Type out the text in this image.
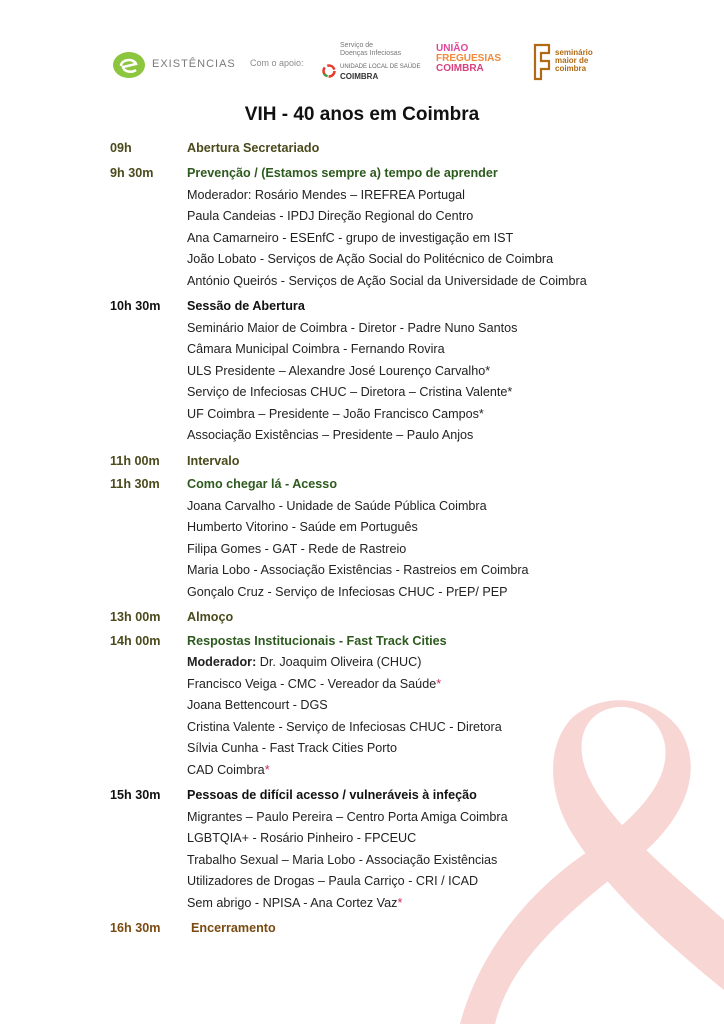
EXISTÊNCIAS Com o apoio:
Serviço de
Doenças Infeciosas
UNIDADE LOCAL DE SAÚDE
COIMBRA
UNIÃO
FREGUESIAS
COIMBRA
seminário
maior de
coimbra
VIH - 40 anos em Coimbra
09h	Abertura Secretariado
9h 30m	Prevenção / (Estamos sempre a) tempo de aprender
Moderador: Rosário Mendes – IREFREA Portugal
Paula Candeias - IPDJ Direção Regional do Centro
Ana Camarneiro - ESEnfC - grupo de investigação em IST
João Lobato - Serviços de Ação Social do Politécnico de Coimbra
António Queirós - Serviços de Ação Social da Universidade de Coimbra
10h 30m	Sessão de Abertura
Seminário Maior de Coimbra - Diretor - Padre Nuno Santos
Câmara Municipal Coimbra - Fernando Rovira
ULS Presidente – Alexandre José Lourenço Carvalho*
Serviço de Infeciosas CHUC – Diretora – Cristina Valente*
UF Coimbra – Presidente – João Francisco Campos*
Associação Existências – Presidente – Paulo Anjos
11h 00m	Intervalo
11h 30m	Como chegar lá - Acesso
Joana Carvalho - Unidade de Saúde Pública Coimbra
Humberto Vitorino - Saúde em Português
Filipa Gomes - GAT - Rede de Rastreio
Maria Lobo - Associação Existências - Rastreios em Coimbra
Gonçalo Cruz - Serviço de Infeciosas CHUC - PrEP/ PEP
13h 00m	Almoço
14h 00m	Respostas Institucionais - Fast Track Cities
Moderador:
Dr. Joaquim Oliveira (CHUC)
Francisco Veiga - CMC - Vereador da Saúde *
Joana Bettencourt - DGS
Cristina Valente - Serviço de Infeciosas CHUC - Diretora
Sílvia Cunha - Fast Track Cities Porto
CAD Coimbra *
15h 30m	Pessoas de difícil acesso / vulneráveis à infeção
Migrantes – Paulo Pereira – Centro Porta Amiga Coimbra
LGBTQIA+ - Rosário Pinheiro - FPCEUC
Trabalho Sexual – Maria Lobo - Associação Existências
Utilizadores de Drogas – Paula Carriço - CRI / ICAD
Sem abrigo - NPISA - Ana Cortez Vaz *
16h 30m	Encerramento
